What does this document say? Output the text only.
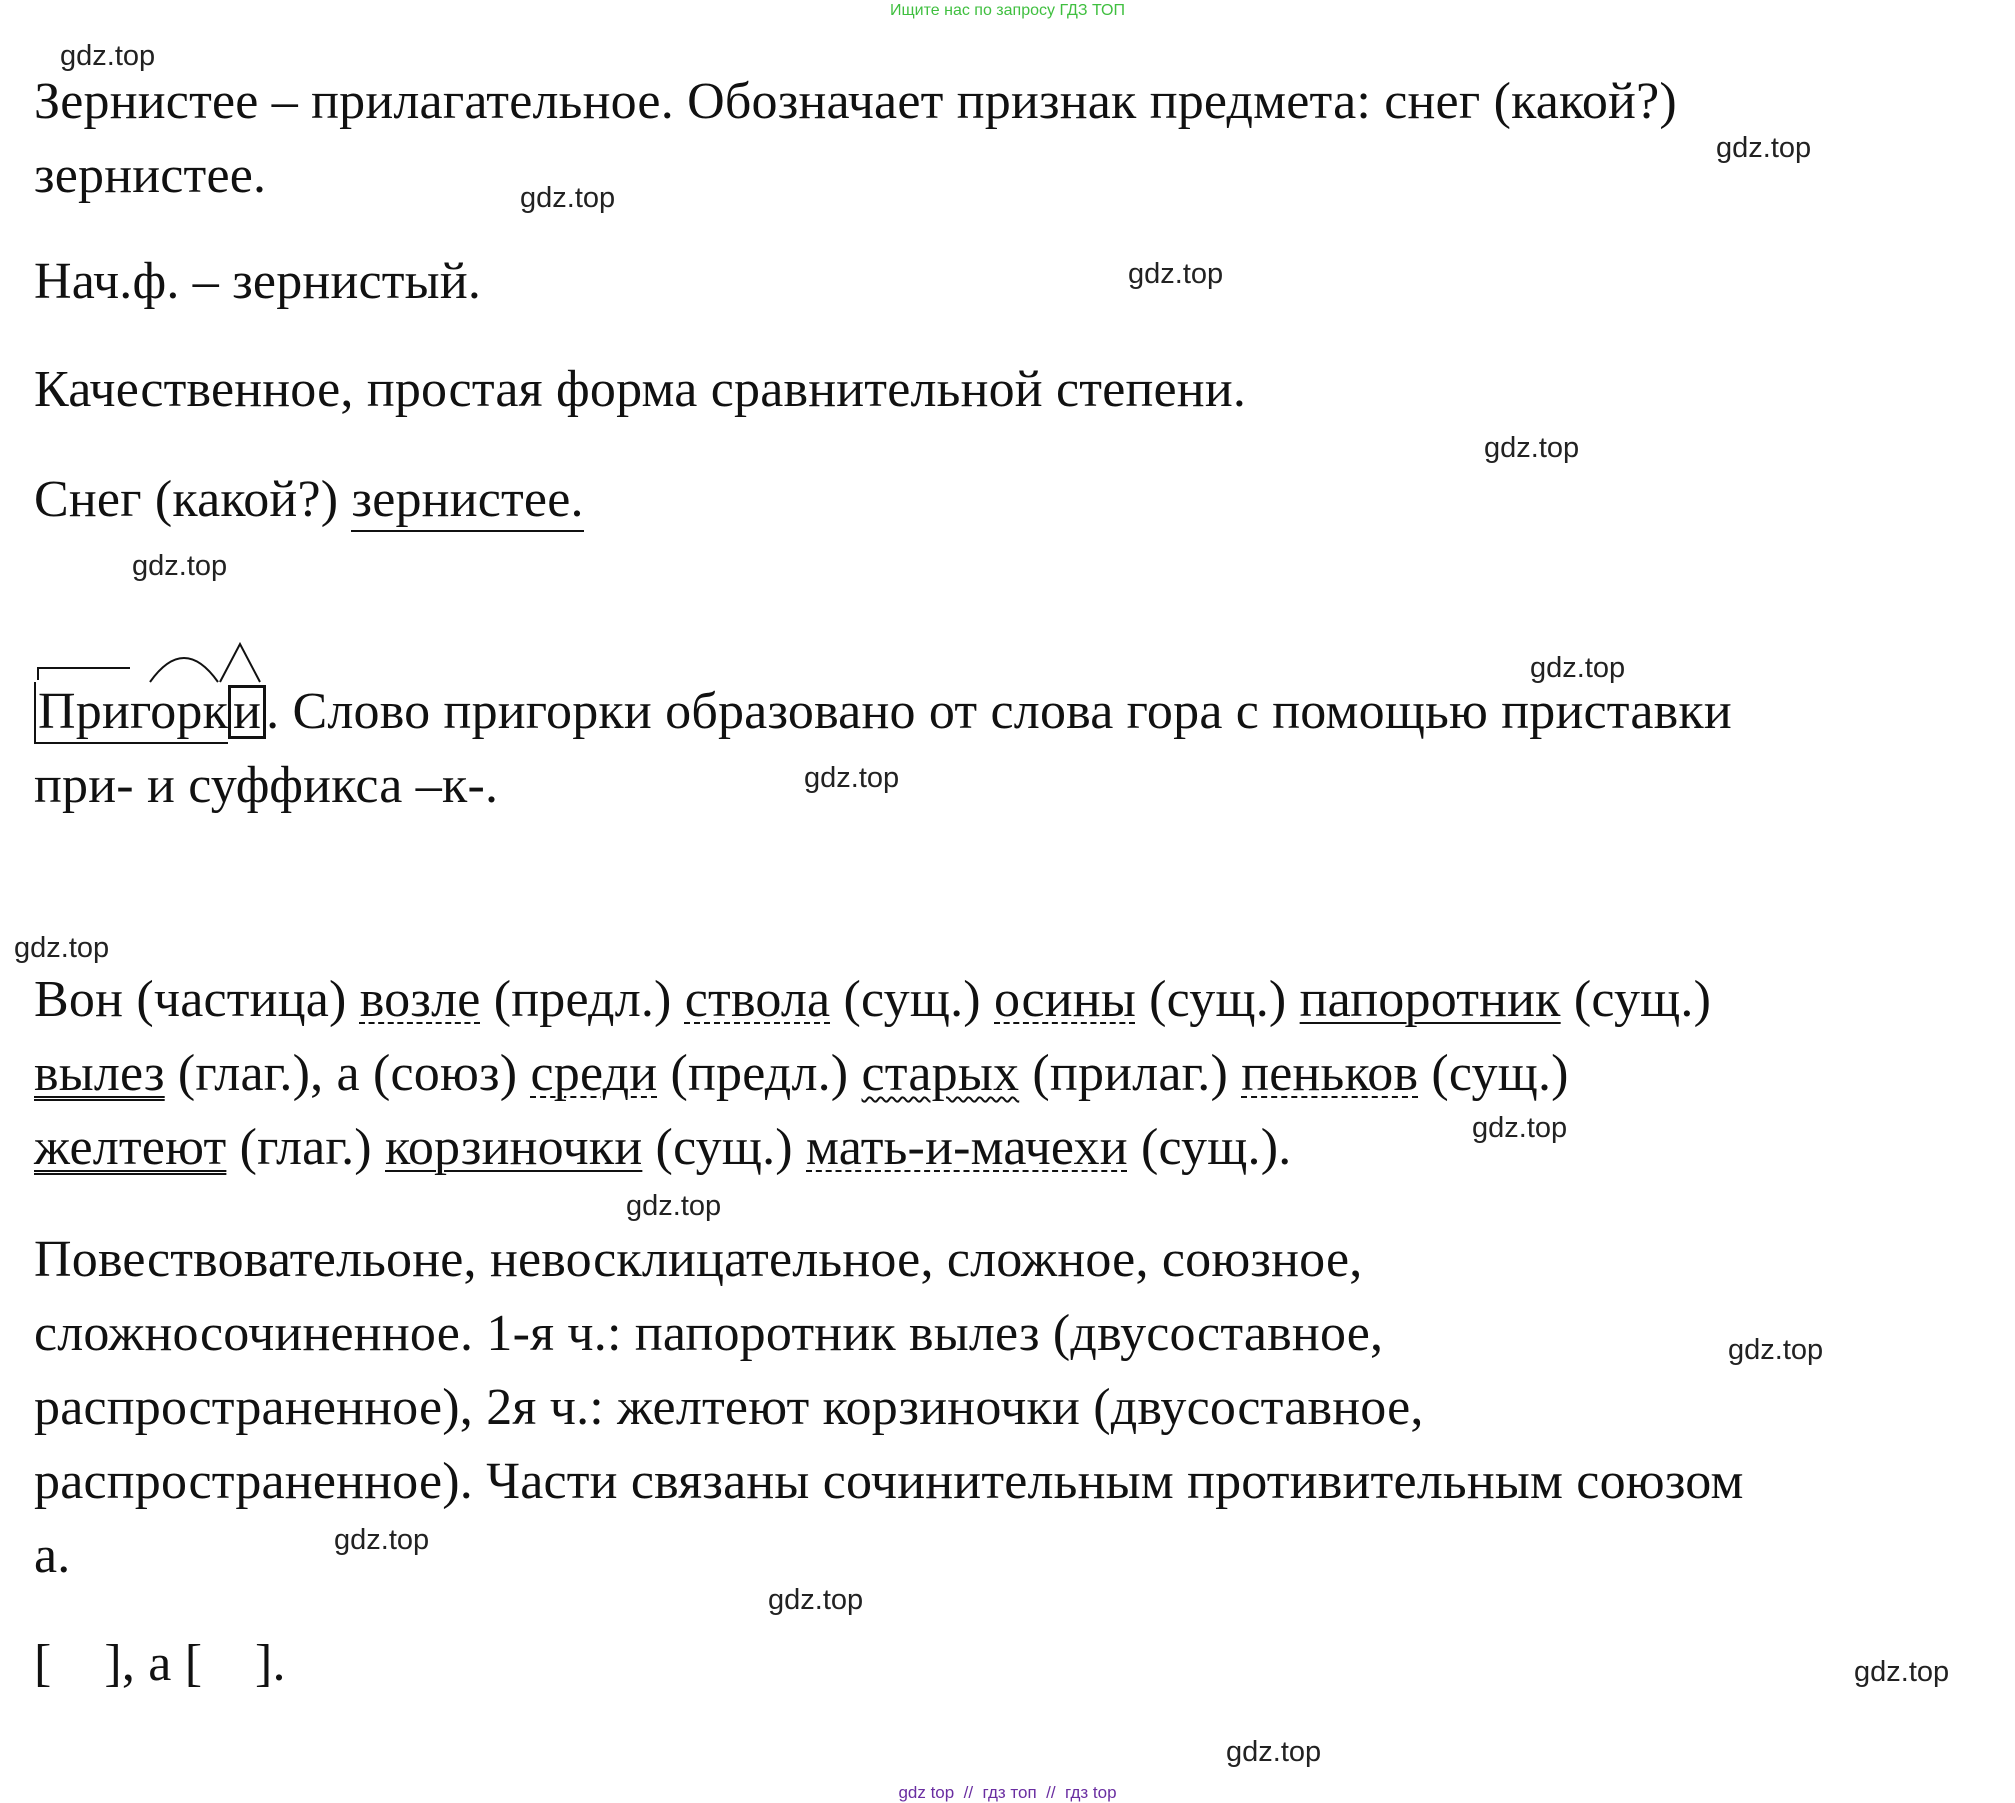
Ищите нас по запросу ГДЗ ТОП
Зернистее – прилагательное. Обозначает признак предмета: снег (какой?)
зернистее.
Нач.ф. – зернистый.
Качественное, простая форма сравнительной степени.
Снег (какой?) зернистее.
Пригорки. Слово пригорки образовано от слова гора с помощью приставки
при- и суффикса –к-.
Вон (частица) возле (предл.) ствола (сущ.) осины (сущ.) папоротник (сущ.)
вылез (глаг.), а (союз) среди (предл.) старых (прилаг.) пеньков (сущ.)
желтеют (глаг.) корзиночки (сущ.) мать-и-мачехи (сущ.).
Повествовательоне, невосклицательное, сложное, союзное,
сложносочиненное. 1-я ч.: папоротник вылез (двусоставное,
распространенное), 2я ч.: желтеют корзиночки (двусоставное,
распространенное). Части связаны сочинительным противительным союзом
а.
[    ], а [    ].
gdz.top
gdz.top
gdz.top
gdz.top
gdz.top
gdz.top
gdz.top
gdz.top
gdz.top
gdz.top
gdz.top
gdz.top
gdz.top
gdz.top
gdz.top
gdz.top
gdz top  //  гдз топ  //  гдз top
